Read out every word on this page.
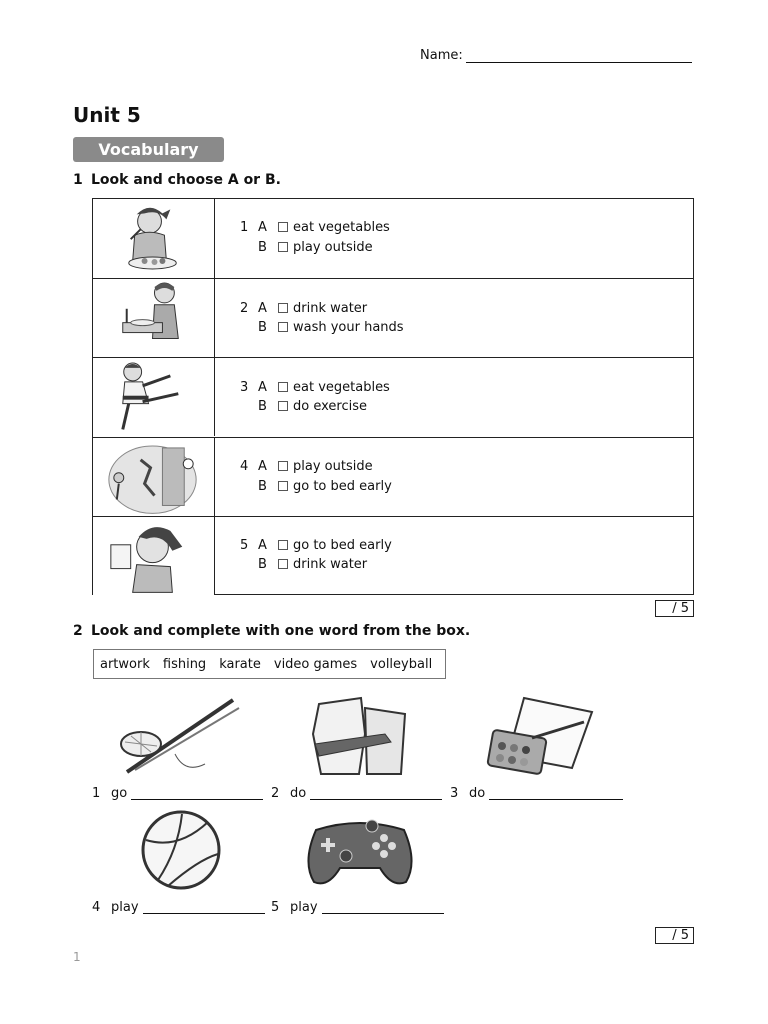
Name:
Unit 5
Vocabulary
1 Look and choose A or B.
1 A eat vegetables
B play outside
2 A drink water
B wash your hands
3 A eat vegetables
B do exercise
4 A play outside
B go to bed early
5 A go to bed early
B drink water
/ 5
2 Look and complete with one word from the box.
artwork fishing karate video games volleyball
1 go	2 do	3 do
4 play	5 play
/ 5
1
